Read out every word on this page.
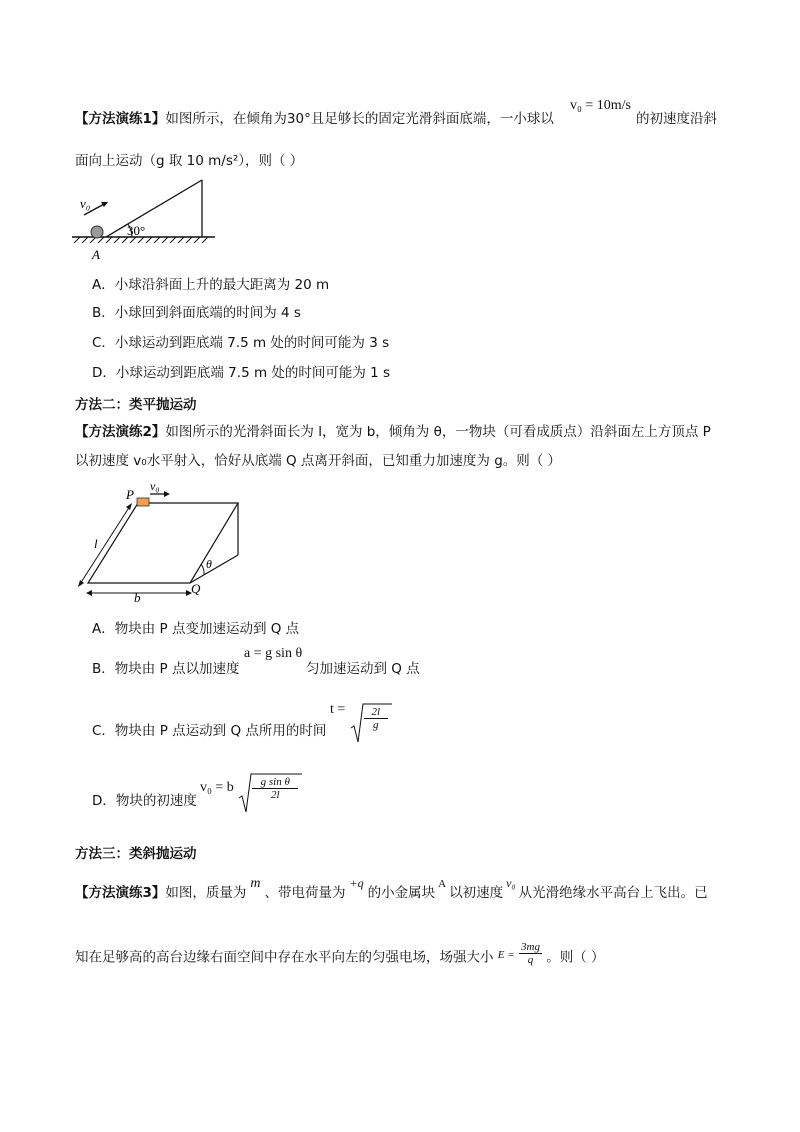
【方法演练1】如图所示，在倾角为30°且足够长的固定光滑斜面底端，一小球以
v₀ = 10m/s
的初速度沿斜
面向上运动（g 取 10 m/s²），则（ ）
v₀
30°
A
A．小球沿斜面上升的最大距离为 20 m
B．小球回到斜面底端的时间为 4 s
C．小球运动到距底端 7.5 m 处的时间可能为 3 s
D．小球运动到距底端 7.5 m 处的时间可能为 1 s
方法二：类平抛运动
【方法演练2】如图所示的光滑斜面长为 l，宽为 b，倾角为 θ，一物块（可看成质点）沿斜面左上方顶点 P
以初速度 v₀水平射入，恰好从底端 Q 点离开斜面，已知重力加速度为 g。则（ ）
P
v₀
l
b
θ
Q
A．物块由 P 点变加速运动到 Q 点
B．物块由 P 点以加速度
a = g sin θ
匀加速运动到 Q 点
C．物块由 P 点运动到 Q 点所用的时间
$t = \frac{2l}{g}$
D．物块的初速度
v₀ = b $\frac{\text{g sin θ}}{2l}$
方法三：类斜抛运动
【方法演练3】如图，质量为m、带电荷量为+q的小金属块$^A$以初速度v₀从光滑绝缘水平高台上飞出。已
知在足够高的高台边缘右面空间中存在水平向左的匀强电场，场强大小 $^{E =} \frac{3mg}{q}$ 。则（ ）
